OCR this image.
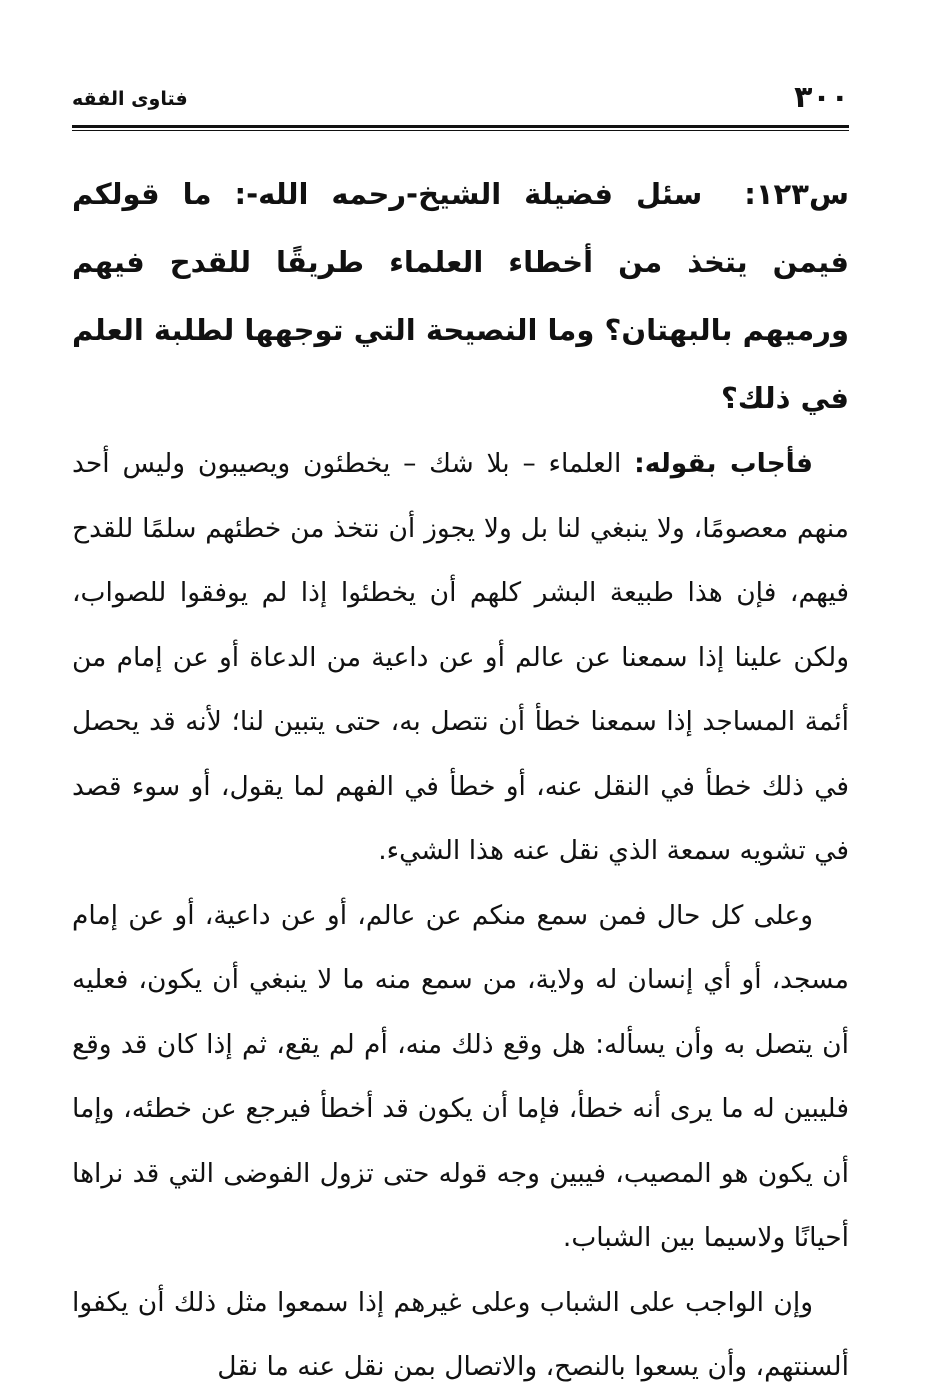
فتاوى الفقه	٣٠٠

س١٢٣:سئل فضيلة الشيخ-رحمه الله-: ما قولكم فيمن يتخذ من أخطاء العلماء طريقًا للقدح فيهم ورميهم بالبهتان؟ وما النصيحة التي توجهها لطلبة العلم في ذلك؟

فأجاب بقوله: العلماء – بلا شك – يخطئون ويصيبون وليس أحد منهم معصومًا، ولا ينبغي لنا بل ولا يجوز أن نتخذ من خطئهم سلمًا للقدح فيهم، فإن هذا طبيعة البشر كلهم أن يخطئوا إذا لم يوفقوا للصواب، ولكن علينا إذا سمعنا عن عالم أو عن داعية من الدعاة أو عن إمام من أئمة المساجد إذا سمعنا خطأ أن نتصل به، حتى يتبين لنا؛ لأنه قد يحصل في ذلك خطأ في النقل عنه، أو خطأ في الفهم لما يقول، أو سوء قصد في تشويه سمعة الذي نقل عنه هذا الشيء.

وعلى كل حال فمن سمع منكم عن عالم، أو عن داعية، أو عن إمام مسجد، أو أي إنسان له ولاية، من سمع منه ما لا ينبغي أن يكون، فعليه أن يتصل به وأن يسأله: هل وقع ذلك منه، أم لم يقع، ثم إذا كان قد وقع فليبين له ما يرى أنه خطأ، فإما أن يكون قد أخطأ فيرجع عن خطئه، وإما أن يكون هو المصيب، فيبين وجه قوله حتى تزول الفوضى التي قد نراها أحيانًا ولاسيما بين الشباب.

وإن الواجب على الشباب وعلى غيرهم إذا سمعوا مثل ذلك أن يكفوا ألسنتهم، وأن يسعوا بالنصح، والاتصال بمن نقل عنه ما نقل
